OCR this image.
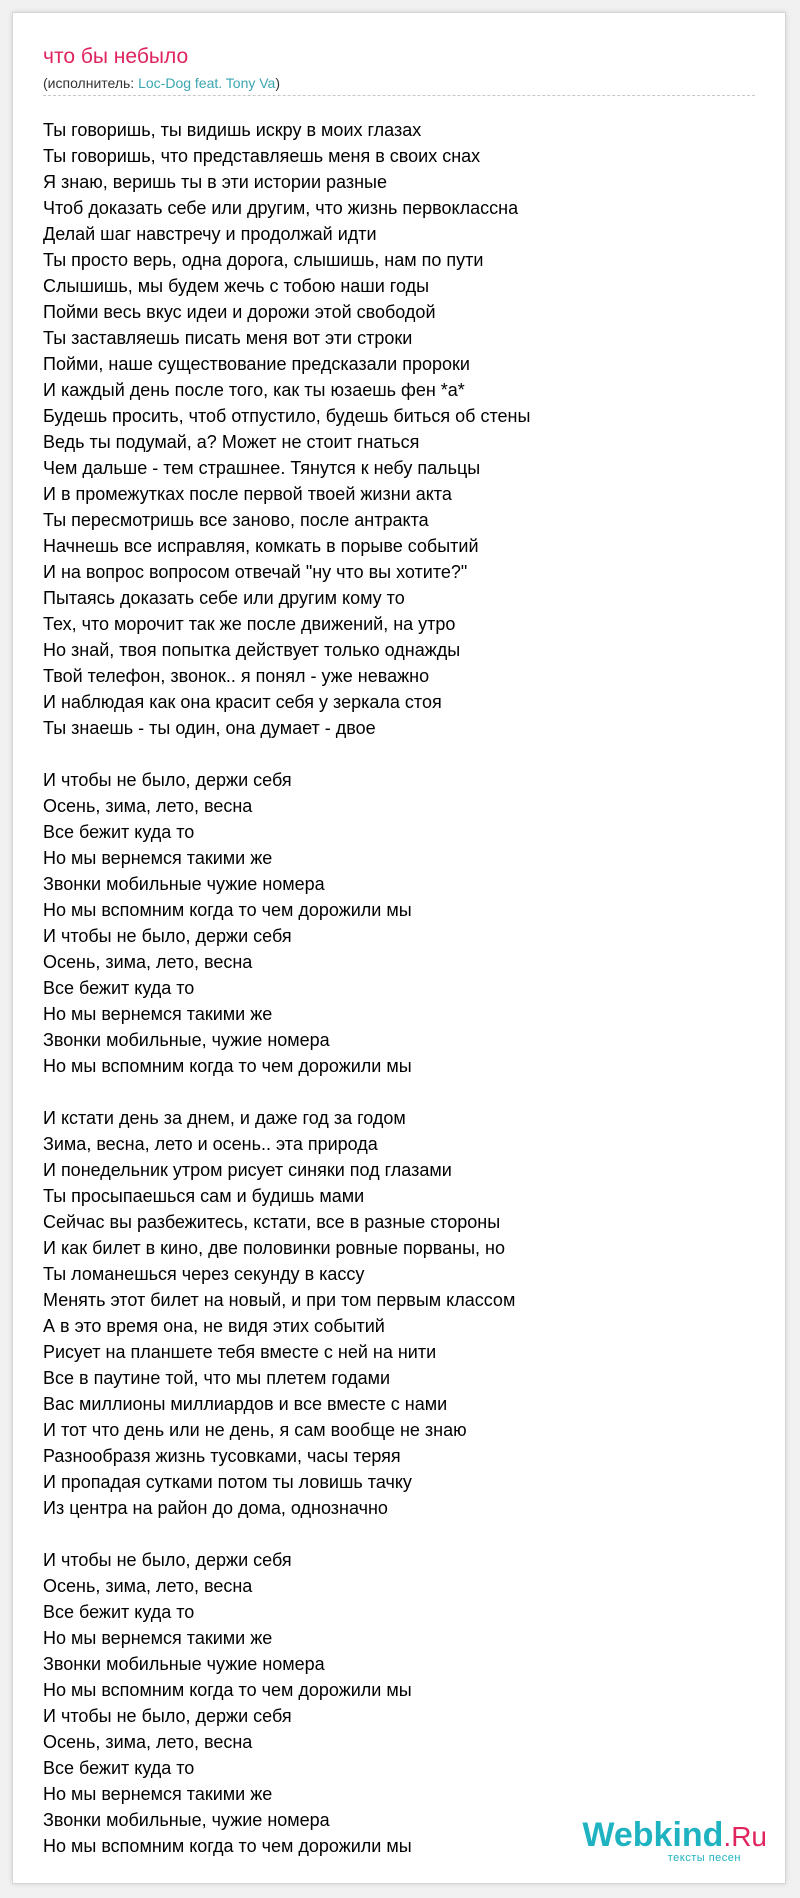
что бы небыло
(исполнитель: Loc-Dog feat. Tony Va)
Ты говоришь, ты видишь искру в моих глазах
Ты говоришь, что представляешь меня в своих снах
Я знаю, веришь ты в эти истории разные
Чтоб доказать себе или другим, что жизнь первоклассна
Делай шаг навстречу и продолжай идти
Ты просто верь, одна дорога, слышишь, нам по пути
Слышишь, мы будем жечь с тобою наши годы
Пойми весь вкус идеи и дорожи этой свободой
Ты заставляешь писать меня вот эти строки
Пойми, наше существование предсказали пророки
И каждый день после того, как ты юзаешь фен *а*
Будешь просить, чтоб отпустило, будешь биться об стены
Ведь ты подумай, а? Может не стоит гнаться
Чем дальше - тем страшнее. Тянутся к небу пальцы
И в промежутках после первой твоей жизни акта
Ты пересмотришь все заново, после антракта
Начнешь все исправляя, комкать в порыве событий
И на вопрос вопросом отвечай "ну что вы хотите?"
Пытаясь доказать себе или другим кому то
Тех, что морочит так же после движений, на утро
Но знай, твоя попытка действует только однажды
Твой телефон, звонок.. я понял - уже неважно
И наблюдая как она красит себя у зеркала стоя
Ты знаешь - ты один, она думает - двое
И чтобы не было, держи себя
Осень, зима, лето, весна
Все бежит куда то
Но мы вернемся такими же
Звонки мобильные чужие номера
Но мы вспомним когда то чем дорожили мы
И чтобы не было, держи себя
Осень, зима, лето, весна
Все бежит куда то
Но мы вернемся такими же
Звонки мобильные, чужие номера
Но мы вспомним когда то чем дорожили мы
И кстати день за днем, и даже год за годом
Зима, весна, лето и осень.. эта природа
И понедельник утром рисует синяки под глазами
Ты просыпаешься сам и будишь мами
Сейчас вы разбежитесь, кстати, все в разные стороны
И как билет в кино, две половинки ровные порваны, но
Ты ломанешься через секунду в кассу
Менять этот билет на новый, и при том первым классом
А в это время она, не видя этих событий
Рисует на планшете тебя вместе с ней на нити
Все в паутине той, что мы плетем годами
Вас миллионы миллиардов и все вместе с нами
И тот что день или не день, я сам вообще не знаю
Разнообразя жизнь тусовками, часы теряя
И пропадая сутками потом ты ловишь тачку
Из центра на район до дома, однозначно
И чтобы не было, держи себя
Осень, зима, лето, весна
Все бежит куда то
Но мы вернемся такими же
Звонки мобильные чужие номера
Но мы вспомним когда то чем дорожили мы
И чтобы не было, держи себя
Осень, зима, лето, весна
Все бежит куда то
Но мы вернемся такими же
Звонки мобильные, чужие номера
Но мы вспомним когда то чем дорожили мы	Webkind.Ru
тексты песен
